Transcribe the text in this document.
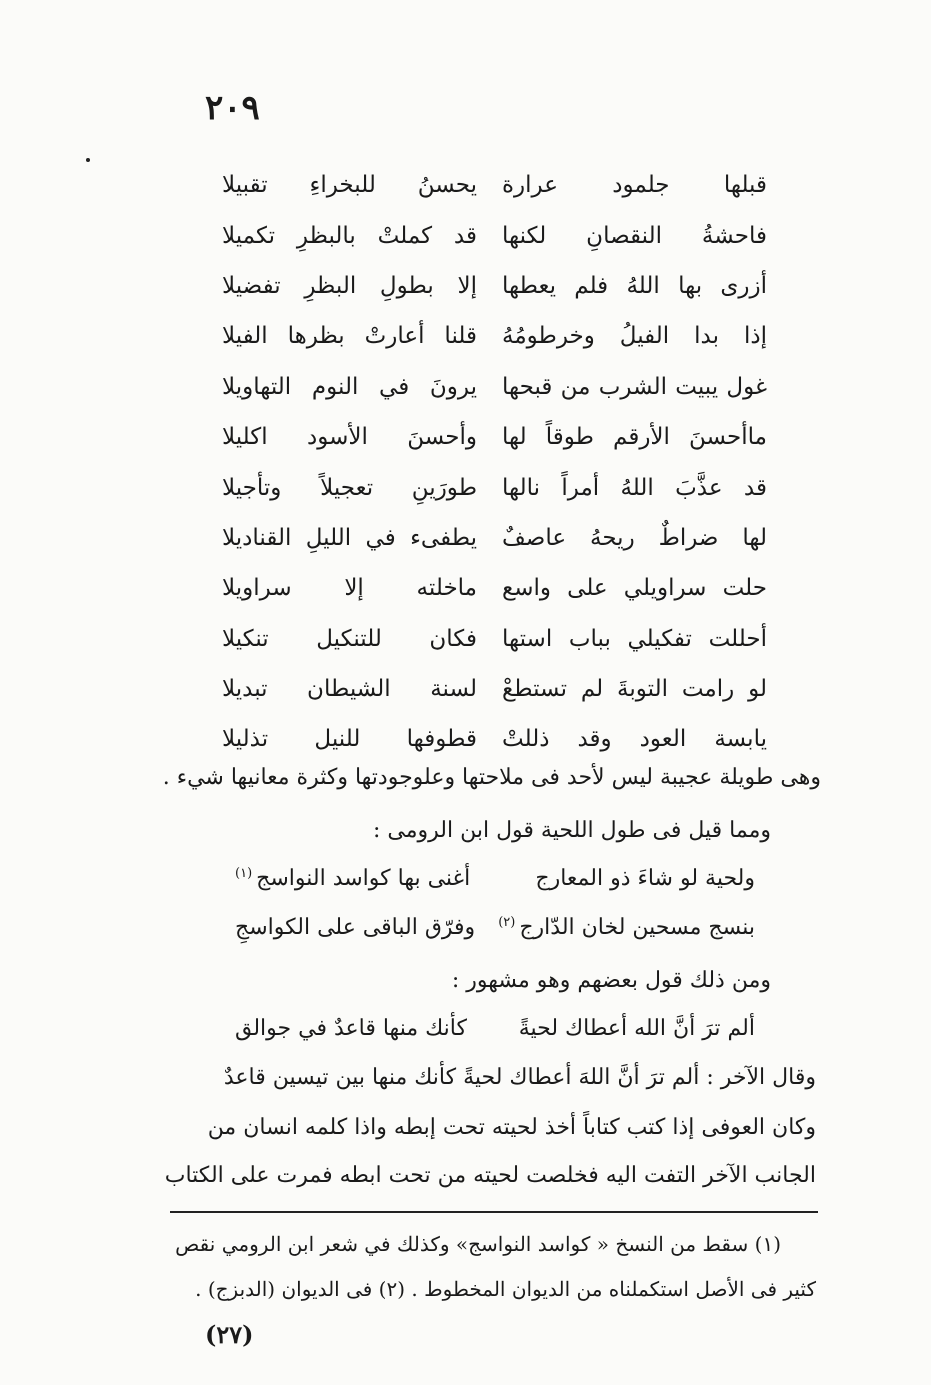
٢٠٩
قبلها جلمود عرارة
يحسنُ للبخراءِ تقبيلا
فاحشةُ النقصانِ لكنها
قد كملتْ بالبظرِ تكميلا
أزرى بها اللهُ فلم يعطها
إلا بطولِ البظرِ تفضيلا
إذا بدا الفيلُ وخرطومُهُ
قلنا أعارتْ بظرها الفيلا
غول يبيت الشرب من قبحها
يرونَ في النوم التهاويلا
ماأحسنَ الأرقم طوقاً لها
وأحسنَ الأسود اكليلا
قد عذَّبَ اللهُ أمراً نالها
طورَينِ تعجيلاً وتأجيلا
لها ضراطٌ ريحهُ عاصفٌ
يطفىء في الليلِ القناديلا
حلت سراويلي على واسع
ماخلته إلا سراويلا
أحللت تفكيلي بباب استها
فكان للتنكيل تنكيلا
لو رامت التوبةَ لم تستطعْ
لسنة الشيطان تبديلا
يابسة العود وقد ذللتْ
قطوفها للنيل تذليلا
وهى طويلة عجيبة ليس لأحد فى ملاحتها وعلوجودتها وكثرة معانيها شيء .
ومما قيل فى طول اللحية قول ابن الرومى :
ولحية لو شاءَ ذو المعارج
أغنى بها كواسد النواسج
(١)
بنسج مسحين لخان الدّارج
(٢)
وفرّق الباقى على الكواسجِ
ومن ذلك قول بعضهم وهو مشهور :
ألم ترَ أنَّ الله أعطاك لحيةً
كأنك منها قاعدٌ في جوالق
وقال الآخر : ألم ترَ أنَّ اللهَ أعطاك لحيةً كأنك منها بين تيسين قاعدٌ
وكان العوفى إذا كتب كتاباً أخذ لحيته تحت إبطه واذا كلمه انسان من
الجانب الآخر التفت اليه فخلصت لحيته من تحت ابطه فمرت على الكتاب
(١) سقط من النسخ « كواسد النواسج» وكذلك في شعر ابن الرومي نقص
كثير فى الأصل استكملناه من الديوان المخطوط . (٢) فى الديوان (الدبزج) .
(٢٧)
